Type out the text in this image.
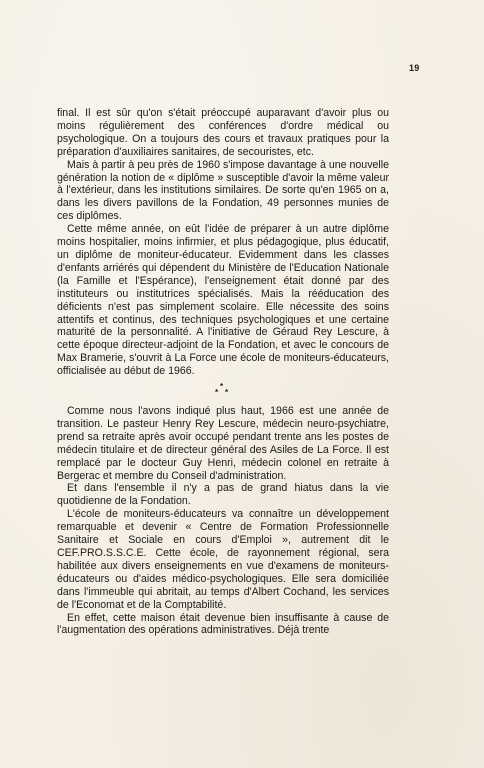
19

final. Il est sûr qu'on s'était préoccupé auparavant d'avoir plus ou moins régulièrement des conférences d'ordre médical ou psychologique. On a toujours des cours et travaux pratiques pour la préparation d'auxiliaires sanitaires, de secouristes, etc.

Mais à partir à peu près de 1960 s'impose davantage à une nouvelle génération la notion de « diplôme » susceptible d'avoir la même valeur à l'extérieur, dans les institutions similaires. De sorte qu'en 1965 on a, dans les divers pavillons de la Fondation, 49 personnes munies de ces diplômes.

Cette même année, on eût l'idée de préparer à un autre diplôme moins hospitalier, moins infirmier, et plus pédagogique, plus éducatif, un diplôme de moniteur-éducateur. Evidemment dans les classes d'enfants arriérés qui dépendent du Ministère de l'Education Nationale (la Famille et l'Espérance), l'enseignement était donné par des instituteurs ou institutrices spécialisés. Mais la rééducation des déficients n'est pas simplement scolaire. Elle nécessite des soins attentifs et continus, des techniques psychologiques et une certaine maturité de la personnalité. A l'initiative de Géraud Rey Lescure, à cette époque directeur-adjoint de la Fondation, et avec le concours de Max Bramerie, s'ouvrit à La Force une école de moniteurs-éducateurs, officialisée au début de 1966.

*
* *

Comme nous l'avons indiqué plus haut, 1966 est une année de transition. Le pasteur Henry Rey Lescure, médecin neuro-psychiatre, prend sa retraite après avoir occupé pendant trente ans les postes de médecin titulaire et de directeur général des Asiles de La Force. Il est remplacé par le docteur Guy Henri, médecin colonel en retraite à Bergerac et membre du Conseil d'administration.

Et dans l'ensemble il n'y a pas de grand hiatus dans la vie quotidienne de la Fondation.

L'école de moniteurs-éducateurs va connaître un développement remarquable et devenir « Centre de Formation Professionnelle Sanitaire et Sociale en cours d'Emploi », autrement dit le CEF.PRO.S.S.C.E. Cette école, de rayonnement régional, sera habilitée aux divers enseignements en vue d'examens de moniteurs-éducateurs ou d'aides médico-psychologiques. Elle sera domiciliée dans l'immeuble qui abritait, au temps d'Albert Cochand, les services de l'Economat et de la Comptabilité.

En effet, cette maison était devenue bien insuffisante à cause de l'augmentation des opérations administratives. Déjà trente
